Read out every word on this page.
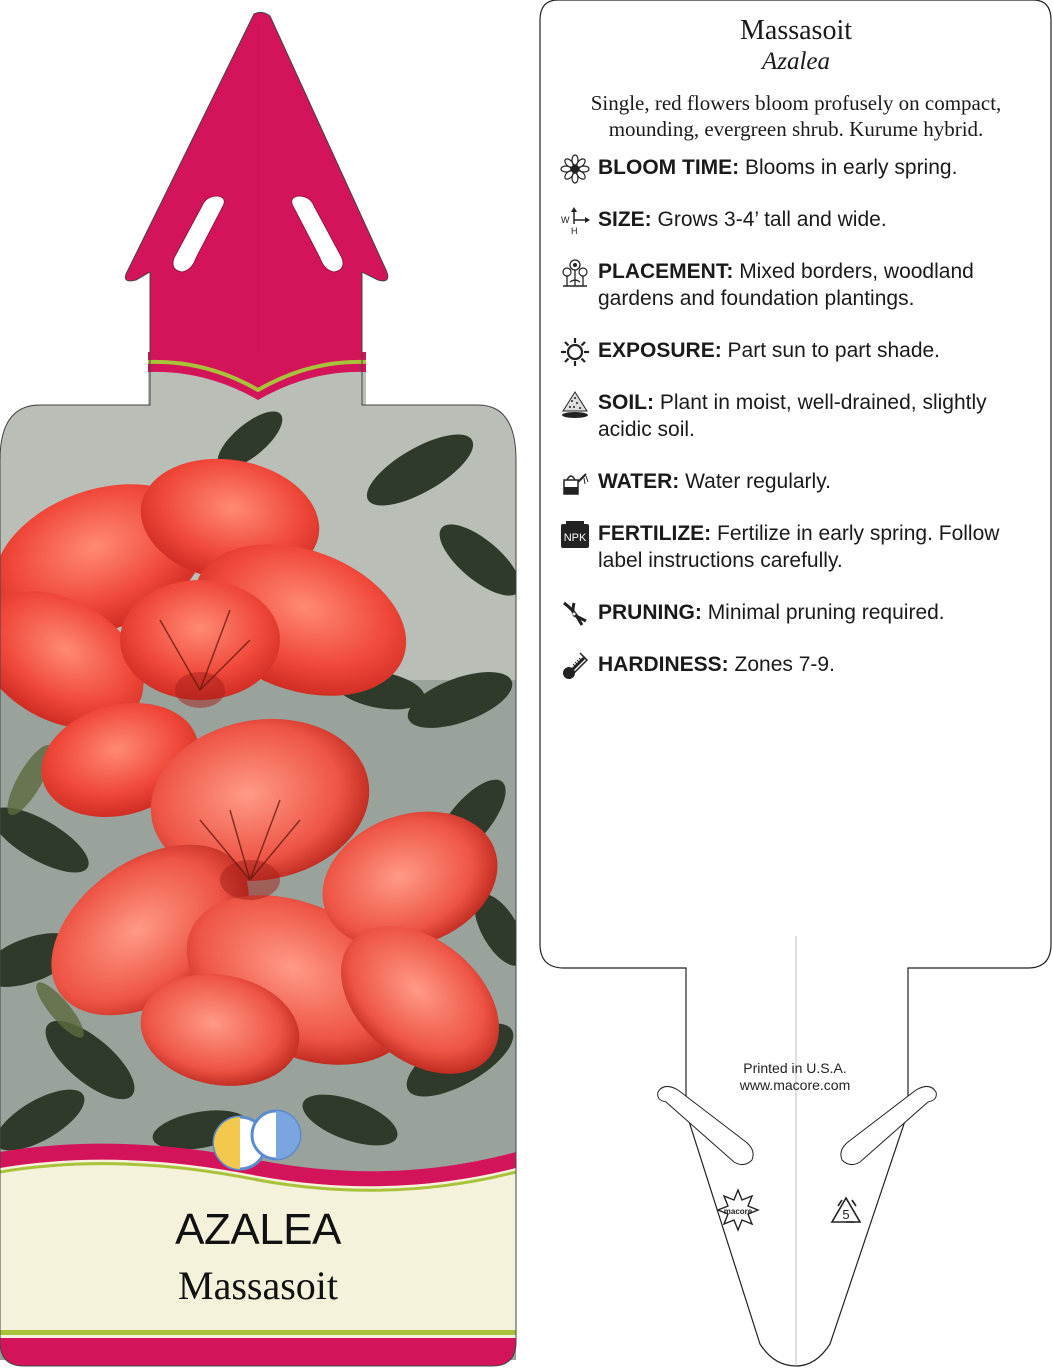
AZALEA
Massasoit
macore	5
Massasoit
Azalea
Single, red flowers bloom profusely on compact, mounding, evergreen shrub. Kurume hybrid.
BLOOM TIME: Blooms in early spring.
W
H SIZE: Grows 3-4’ tall and wide.
PLACEMENT: Mixed borders, woodland gardens and foundation plantings.
EXPOSURE: Part sun to part shade.
SOIL: Plant in moist, well-drained, slightly acidic soil.
WATER: Water regularly.
NPK FERTILIZE: Fertilize in early spring. Follow label instructions carefully.
PRUNING: Minimal pruning required.
HARDINESS: Zones 7-9.
Printed in U.S.A.
www.macore.com
